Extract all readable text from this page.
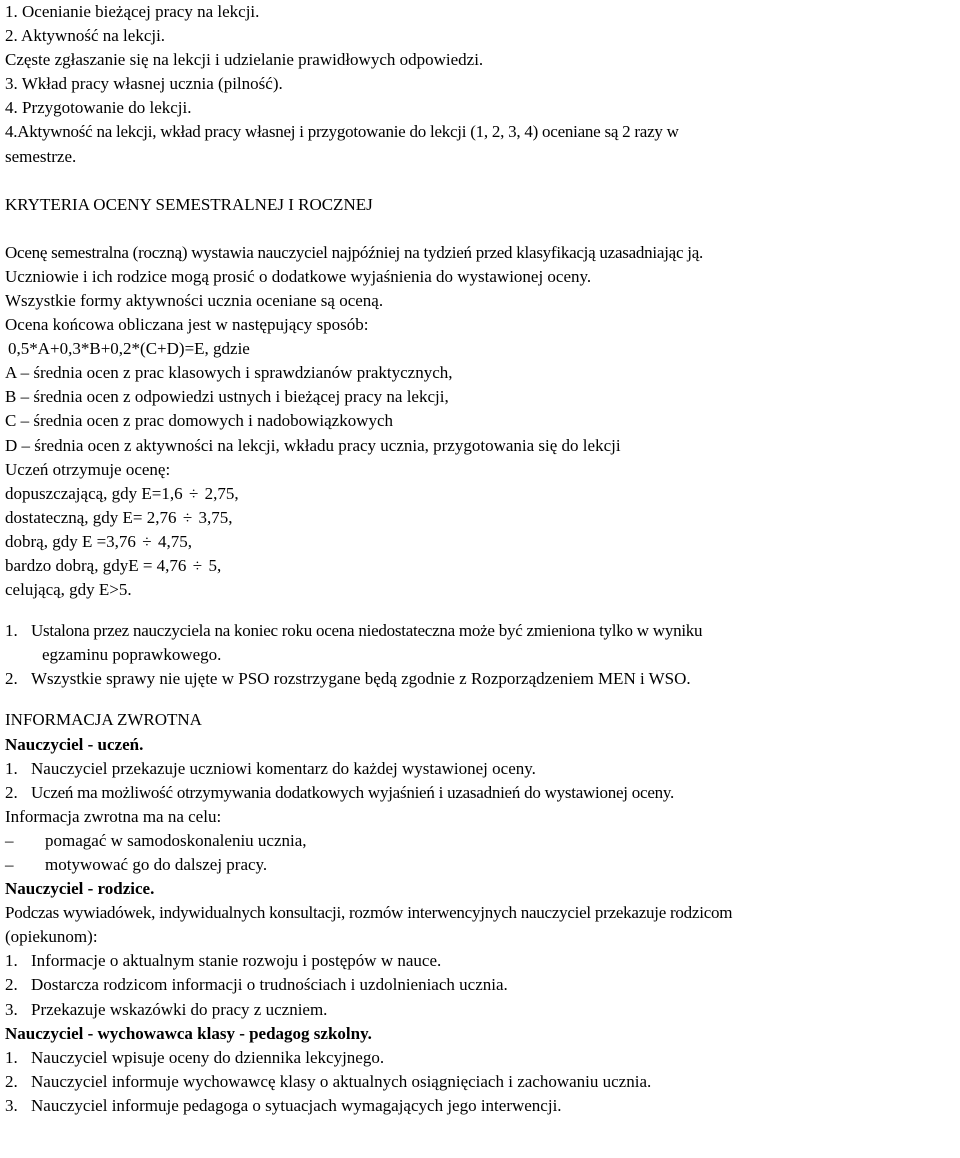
1. Ocenianie bieżącej pracy na lekcji.
2. Aktywność na lekcji.
Częste zgłaszanie się na lekcji i udzielanie prawidłowych odpowiedzi.
3. Wkład pracy własnej ucznia (pilność).
4. Przygotowanie do lekcji.
4.Aktywność na lekcji, wkład pracy własnej i przygotowanie do lekcji (1, 2, 3, 4) oceniane są 2 razy w
semestrze.
KRYTERIA OCENY SEMESTRALNEJ I ROCZNEJ
Ocenę semestralna (roczną) wystawia nauczyciel najpóźniej na tydzień przed klasyfikacją uzasadniając ją.
Uczniowie i ich rodzice mogą prosić o dodatkowe wyjaśnienia do wystawionej oceny.
Wszystkie formy aktywności ucznia oceniane są oceną.
Ocena końcowa obliczana jest w następujący sposób:
0,5*A+0,3*B+0,2*(C+D)=E, gdzie
A – średnia ocen z prac klasowych i sprawdzianów praktycznych,
B – średnia ocen z odpowiedzi ustnych i bieżącej pracy na lekcji,
C – średnia ocen z prac domowych i nadobowiązkowych
D – średnia ocen z aktywności na lekcji, wkładu pracy ucznia, przygotowania się do lekcji
Uczeń otrzymuje ocenę:
dopuszczającą, gdy E=1,6 ÷ 2,75,
dostateczną, gdy E= 2,76 ÷ 3,75,
dobrą, gdy E =3,76 ÷ 4,75,
bardzo dobrą, gdyE = 4,76 ÷ 5,
celującą, gdy E>5.
1. Ustalona przez nauczyciela na koniec roku ocena niedostateczna może być zmieniona tylko w wyniku
egzaminu poprawkowego.
2. Wszystkie sprawy nie ujęte w PSO rozstrzygane będą zgodnie z Rozporządzeniem MEN i WSO.
INFORMACJA ZWROTNA
Nauczyciel - uczeń.
1. Nauczyciel przekazuje uczniowi komentarz do każdej wystawionej oceny.
2. Uczeń ma możliwość otrzymywania dodatkowych wyjaśnień i uzasadnień do wystawionej oceny.
Informacja zwrotna ma na celu:
–	pomagać w samodoskonaleniu ucznia,
–	motywować go do dalszej pracy.
Nauczyciel - rodzice.
Podczas wywiadówek, indywidualnych konsultacji, rozmów interwencyjnych nauczyciel przekazuje rodzicom
(opiekunom):
1. Informacje o aktualnym stanie rozwoju i postępów w nauce.
2. Dostarcza rodzicom informacji o trudnościach i uzdolnieniach ucznia.
3. Przekazuje wskazówki do pracy z uczniem.
Nauczyciel - wychowawca klasy - pedagog szkolny.
1. Nauczyciel wpisuje oceny do dziennika lekcyjnego.
2. Nauczyciel informuje wychowawcę klasy o aktualnych osiągnięciach i zachowaniu ucznia.
3. Nauczyciel informuje pedagoga o sytuacjach wymagających jego interwencji.
